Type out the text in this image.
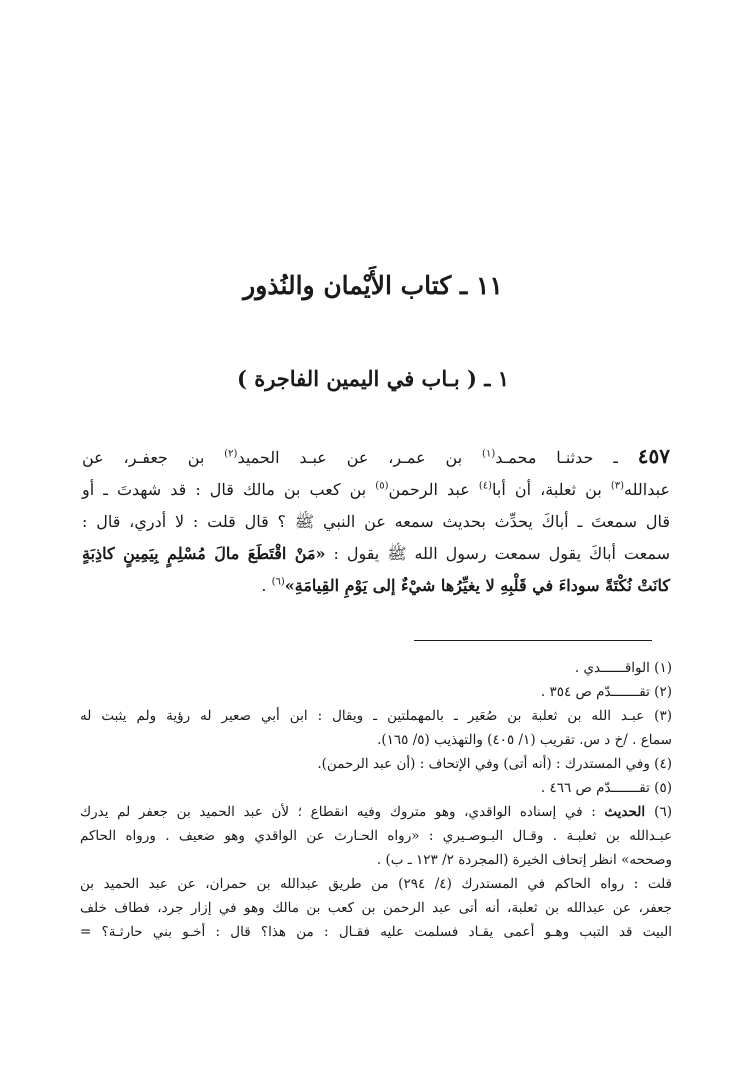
١١ ـ كتاب الأَيْمان والنُذور
١ ـ ( بـاب في اليمين الفاجرة )
٤٥٧ ـ حدثنـا محمـد$^{(١)}$ بن عمـر، عن عبـد الحميد$^{(٢)}$ بن جعفـر، عن
عبدالله$^{(٣)}$ بن ثعلبة، أن أبا$^{(٤)}$ عبد الرحمن$^{(٥)}$ بن كعب بن مالك قال : قد شهدتَ ـ أو
قال سمعتَ ـ أباكَ يحدِّث بحديث سمعه عن النبي ﷺ ؟ قال قلت : لا أدري، قال :
سمعت أباكَ يقول سمعت رسول الله ﷺ يقول : «مَنْ اقْتَطَعَ مالَ مُسْلِمٍ بِيَمِينٍ كاذِبَةٍ
كانَتْ نُكْتَةً سوداءَ في قَلْبِهِ لا يغيِّرُها شيْءٌ إلى يَوْمِ القِيامَةِ»$^{(٦)}$ .
(١) الواقــــــدي .
(٢) تقـــــــدّم ص ٣٥٤ .
(٣) عبـد الله بن ثعلبة بن صُعَير ـ بالمهملتين ـ ويقال : ابن أبي صعير له رؤية ولم يثبت له
سماع . /خ د س. تقريب (١/ ٤٠٥) والتهذيب (٥/ ١٦٥).
(٤) وفي المستدرك : (أنه أتى) وفي الإتحاف : (أن عبد الرحمن).
(٥) تقـــــــدّم ص ٤٦٦ .
(٦) الحديث : في إسناده الواقدي، وهو متروك وفيه انقطاع ؛ لأن عبد الحميد بن جعفر لم يدرك
عبـدالله بن ثعلبـة . وقـال البـوصـيري : «رواه الحـارث عن الواقدي وهو ضعيف . ورواه الحاكم
وصححه» انظر إتحاف الخيرة (المجردة ٢/ ١٢٣ ـ ب) .
قلت : رواه الحاكم في المستدرك (٤/ ٢٩٤) من طريق عبدالله بن حمران، عن عبد الحميد بن
جعفر، عن عبدالله بن ثعلبة، أنه أتى عبد الرحمن بن كعب بن مالك وهو في إزار جرد، فطاف خلف
البيت قد التبب وهـو أعمى يقـاد فسلمت عليه فقـال : من هذا؟ قال : أخـو بني حارثـة؟ =
